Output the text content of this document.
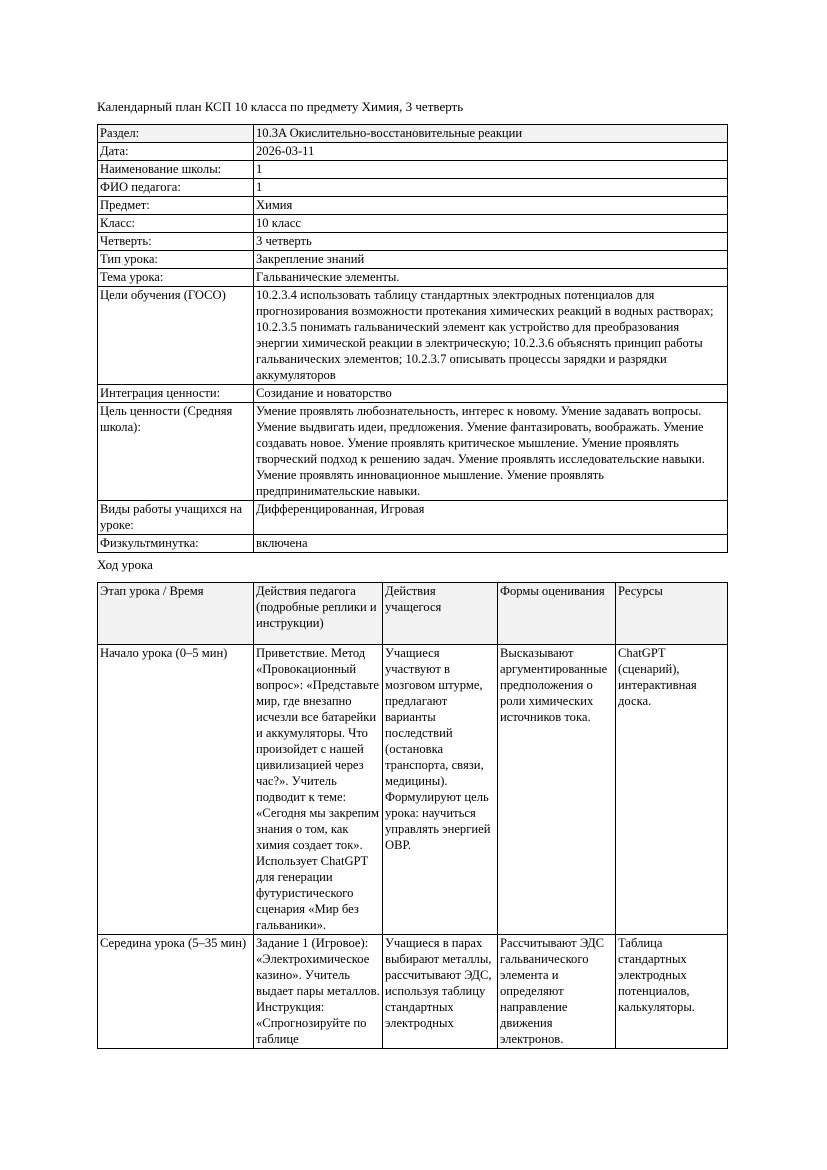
Календарный план КСП 10 класса по предмету Химия, 3 четверть

Раздел:	10.3A Окислительно-восстановительные реакции
Дата:	2026-03-11
Наименование школы:	1
ФИО педагога:	1
Предмет:	Химия
Класс:	10 класс
Четверть:	3 четверть
Тип урока:	Закрепление знаний
Тема урока:	Гальванические элементы.
Цели обучения (ГОСО)	10.2.3.4 использовать таблицу стандартных электродных потенциалов для прогнозирования возможности протекания химических реакций в водных растворах; 10.2.3.5 понимать гальванический элемент как устройство для преобразования энергии химической реакции в электрическую; 10.2.3.6 объяснять принцип работы гальванических элементов; 10.2.3.7 описывать процессы зарядки и разрядки аккумуляторов
Интеграция ценности:	Созидание и новаторство
Цель ценности (Средняя школа):	Умение проявлять любознательность, интерес к новому. Умение задавать вопросы. Умение выдвигать идеи, предложения. Умение фантазировать, воображать. Умение создавать новое. Умение проявлять критическое мышление. Умение проявлять творческий подход к решению задач. Умение проявлять исследовательские навыки. Умение проявлять инновационное мышление. Умение проявлять предпринимательские навыки.
Виды работы учащихся на уроке:	Дифференцированная, Игровая
Физкультминутка:	включена

Ход урока

Этап урока / Время	Действия педагога (подробные реплики и инструкции)	Действия учащегося	Формы оценивания	Ресурсы
Начало урока (0–5 мин)	Приветствие. Метод «Провокационный вопрос»: «Представьте мир, где внезапно исчезли все батарейки и аккумуляторы. Что произойдет с нашей цивилизацией через час?». Учитель подводит к теме: «Сегодня мы закрепим знания о том, как химия создает ток». Использует ChatGPT для генерации футуристического сценария «Мир без гальваники».	Учащиеся участвуют в мозговом штурме, предлагают варианты последствий (остановка транспорта, связи, медицины). Формулируют цель урока: научиться управлять энергией ОВР.	Высказывают аргументированные предположения о роли химических источников тока.	ChatGPT (сценарий), интерактивная доска.
Середина урока (5–35 мин)	Задание 1 (Игровое): «Электрохимическое казино». Учитель выдает пары металлов. Инструкция: «Спрогнозируйте по таблице	Учащиеся в парах выбирают металлы, рассчитывают ЭДС, используя таблицу стандартных электродных	Рассчитывают ЭДС гальванического элемента и определяют направление движения электронов.	Таблица стандартных электродных потенциалов, калькуляторы.
